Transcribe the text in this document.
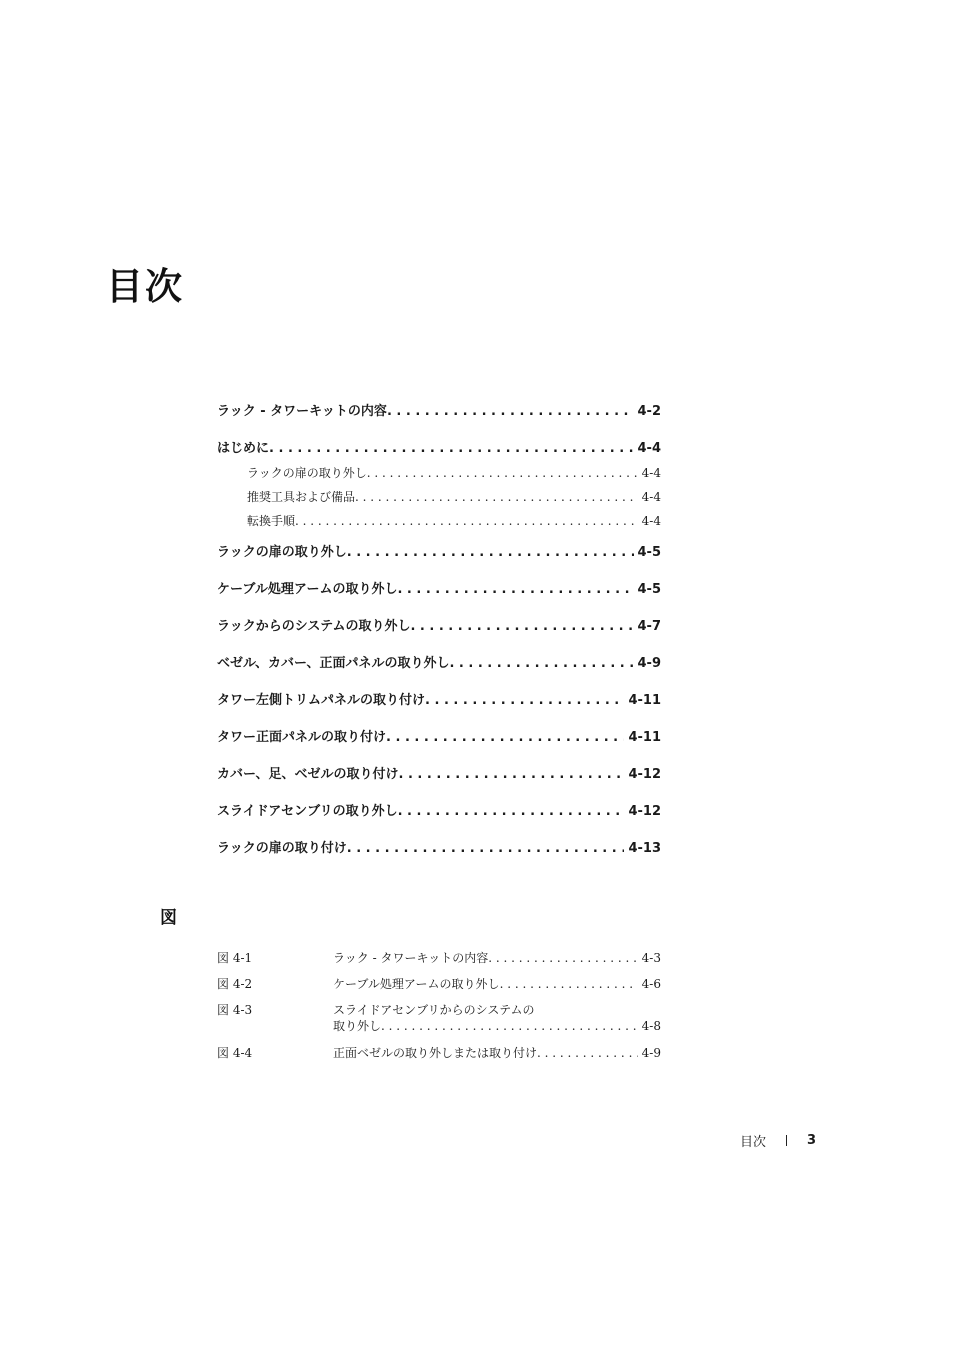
目次
ラック - タワーキットの内容 . . .	4-2
はじめに . . .	4-4
ラックの扉の取り外し . . .	4-4
推奨工具および備品 . . .	4-4
転換手順 . . .	4-4
ラックの扉の取り外し . . .	4-5
ケーブル処理アームの取り外し . . .	4-5
ラックからのシステムの取り外し . . .	4-7
ベゼル、カバー、正面パネルの取り外し . . .	4-9
タワー左側トリムパネルの取り付け . . .	4-11
タワー正面パネルの取り付け . . .	4-11
カバー、足、ベゼルの取り付け . . .	4-12
スライドアセンブリの取り外し . . .	4-12
ラックの扉の取り付け . . .	4-13
図
図 4-1	ラック - タワーキットの内容 . . .	4-3
図 4-2	ケーブル処理アームの取り外し . . .	4-6
図 4-3	スライドアセンブリからのシステムの
取り外し . . .	4-8
図 4-4	正面ベゼルの取り外しまたは取り付け . . .	4-9
目次	3
